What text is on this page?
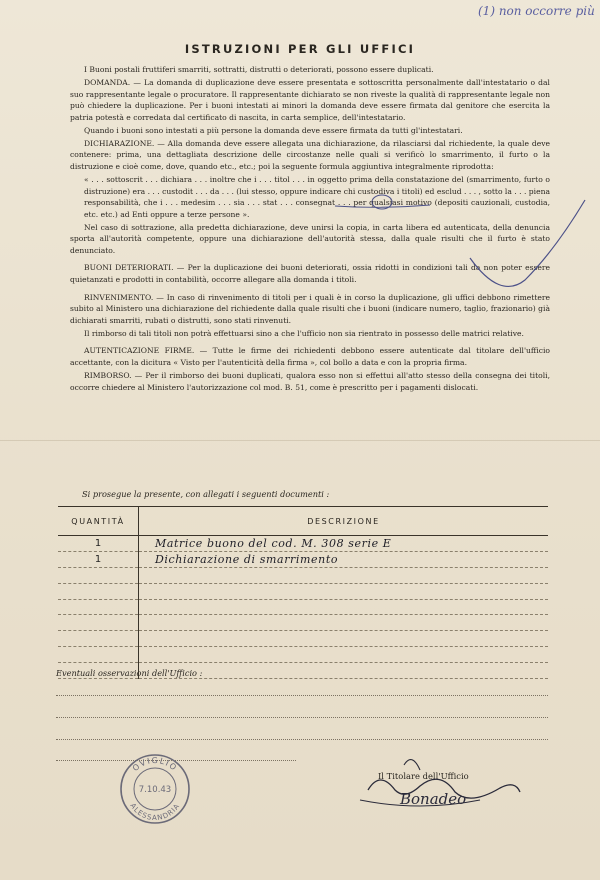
(1) non occorre più
ISTRUZIONI PER GLI UFFICI

I Buoni postali fruttiferi smarriti, sottratti, distrutti o deteriorati, possono essere duplicati.

DOMANDA. — La domanda di duplicazione deve essere presentata e sottoscritta personalmente dall'intestatario o dal suo rappresentante legale o procuratore. Il rappresentante dichiarato se non riveste la qualità di rappresentante legale non può chiedere la duplicazione. Per i buoni intestati ai minori la domanda deve essere firmata dal genitore che esercita la patria potestà e corredata dal certificato di nascita, in carta semplice, dell'intestatario.

Quando i buoni sono intestati a più persone la domanda deve essere firmata da tutti gl'intestatari.

DICHIARAZIONE. — Alla domanda deve essere allegata una dichiarazione, da rilasciarsi dal richiedente, la quale deve contenere: prima, una dettagliata descrizione delle circostanze nelle quali si verificò lo smarrimento, il furto o la distruzione e cioè come, dove, quando etc., etc.; poi la seguente formula aggiuntiva integralmente riprodotta:

« . . . sottoscrit . . . dichiara . . . inoltre che i . . . titol . . . in oggetto prima della constatazione del (smarrimento, furto o distruzione) era . . . custodit . . . da . . . (lui stesso, oppure indicare chi custodiva i titoli) ed esclud . . . , sotto la . . . piena responsabilità, che i . . . medesim . . . sia . . . stat . . . consegnat . . . per qualsiasi motivo (depositi cauzionali, custodia, etc. etc.) ad Enti oppure a terze persone ».

Nel caso di sottrazione, alla predetta dichiarazione, deve unirsi la copia, in carta libera ed autenticata, della denuncia sporta all'autorità competente, oppure una dichiarazione dell'autorità stessa, dalla quale risulti che il furto è stato denunciato.

BUONI DETERIORATI. — Per la duplicazione dei buoni deteriorati, ossia ridotti in condizioni tali da non poter essere quietanzati e prodotti in contabilità, occorre allegare alla domanda i titoli.

RINVENIMENTO. — In caso di rinvenimento di titoli per i quali è in corso la duplicazione, gli uffici debbono rimettere subito al Ministero una dichiarazione del richiedente dalla quale risulti che i buoni (indicare numero, taglio, frazionario) già dichiarati smarriti, rubati o distrutti, sono stati rinvenuti.

Il rimborso di tali titoli non potrà effettuarsi sino a che l'ufficio non sia rientrato in possesso delle matrici relative.

AUTENTICAZIONE FIRME. — Tutte le firme dei richiedenti debbono essere autenticate dal titolare dell'ufficio accettante, con la dicitura « Visto per l'autenticità della firma », col bollo a data e con la propria firma.

RIMBORSO. — Per il rimborso dei buoni duplicati, qualora esso non si effettui all'atto stesso della consegna dei titoli, occorre chiedere al Ministero l'autorizzazione col mod. B. 51, come è prescritto per i pagamenti dislocati.

Si prosegue la presente, con allegati i seguenti documenti :
QUANTITÀ	DESCRIZIONE
1	Matrice buono del cod. M. 308 serie E
1	Dichiarazione di smarrimento

Eventuali osservazioni dell'Ufficio :
OVIGLIO
ALESSANDRIA
7.10.43
Il Titolare dell'Ufficio
Bonadeo
